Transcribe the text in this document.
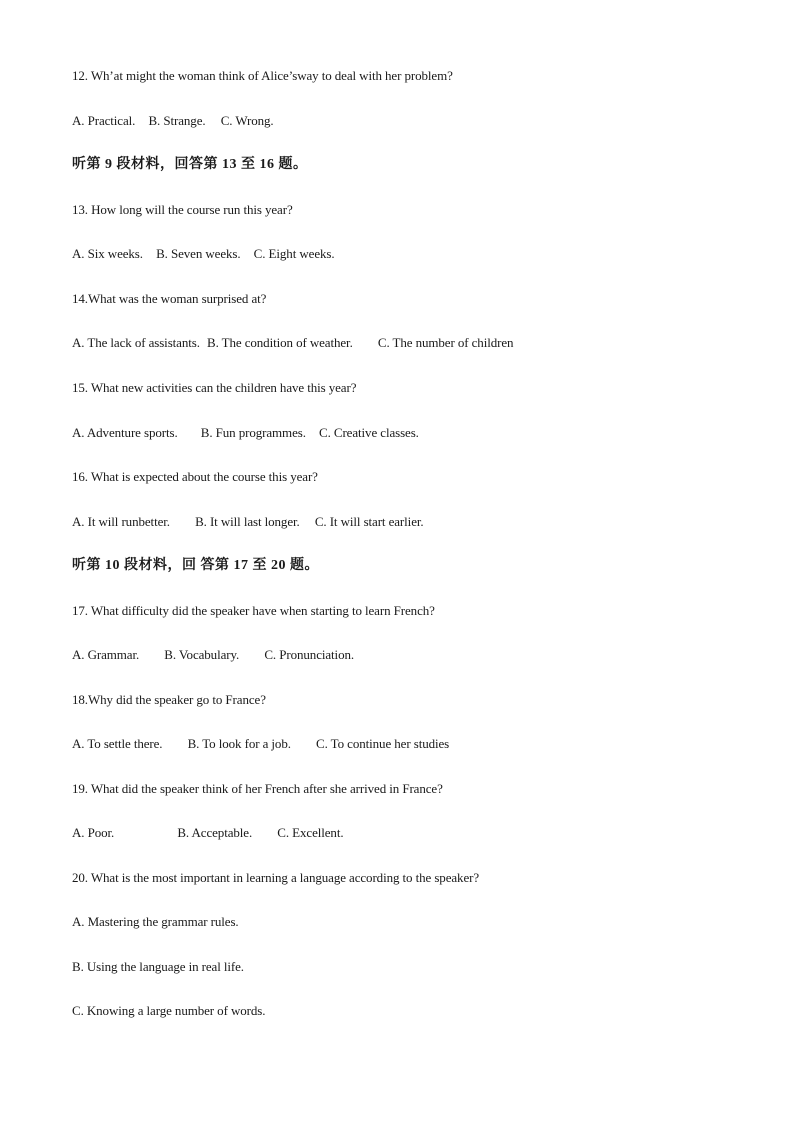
12. Wh’at might the woman think of Alice’sway to deal with her problem?
A. Practical. B. Strange. C. Wrong.
听第 9 段材料，回答第 13 至 16 题。
13. How long will the course run this year?
A. Six weeks. B. Seven weeks. C. Eight weeks.
14.What was the woman surprised at?
A. The lack of assistants. B. The condition of weather. C. The number of children
15. What new activities can the children have this year?
A. Adventure sports. B. Fun programmes. C. Creative classes.
16. What is expected about the course this year?
A. It will runbetter. B. It will last longer. C. It will start earlier.
听第 10 段材料，回 答第 17 至 20 题。
17. What difficulty did the speaker have when starting to learn French?
A. Grammar. B. Vocabulary. C. Pronunciation.
18.Why did the speaker go to France?
A. To settle there. B. To look for a job. C. To continue her studies
19. What did the speaker think of her French after she arrived in France?
A. Poor.	B. Acceptable. C. Excellent.
20. What is the most important in learning a language according to the speaker?
A. Mastering the grammar rules.
B. Using the language in real life.
C. Knowing a large number of words.
